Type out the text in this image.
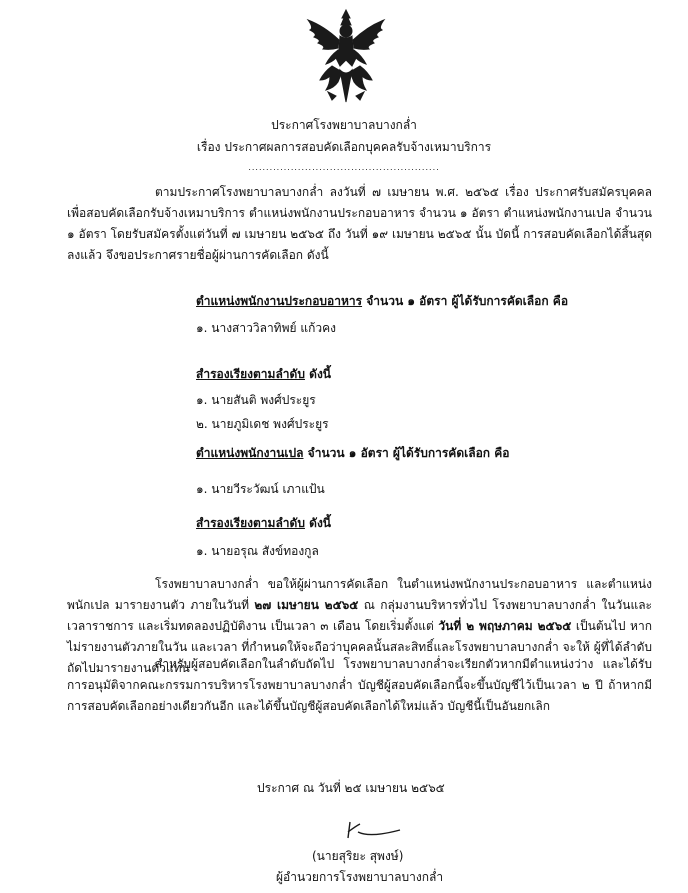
ประกาศโรงพยาบาลบางกล่ำ
เรื่อง ประกาศผลการสอบคัดเลือกบุคคลรับจ้างเหมาบริการ
......................................................
ตามประกาศโรงพยาบาลบางกล่ำ ลงวันที่ ๗ เมษายน พ.ศ. ๒๕๖๕ เรื่อง ประกาศรับสมัครบุคคลเพื่อสอบคัดเลือกรับจ้างเหมาบริการ ตำแหน่งพนักงานประกอบอาหาร จำนวน ๑ อัตรา ตำแหน่งพนักงานเปล จำนวน ๑ อัตรา โดยรับสมัครตั้งแต่วันที่ ๗ เมษายน ๒๕๖๕ ถึง วันที่ ๑๙ เมษายน ๒๕๖๕ นั้น บัดนี้ การสอบคัดเลือกได้สิ้นสุดลงแล้ว จึงขอประกาศรายชื่อผู้ผ่านการคัดเลือก ดังนี้
ตำแหน่งพนักงานประกอบอาหาร จำนวน ๑ อัตรา ผู้ได้รับการคัดเลือก คือ
๑. นางสาววิลาทิพย์ แก้วคง
สำรองเรียงตามลำดับ ดังนี้
๑. นายสันติ พงศ์ประยูร
๒. นายภูมิเดช พงศ์ประยูร
ตำแหน่งพนักงานเปล จำนวน ๑ อัตรา ผู้ได้รับการคัดเลือก คือ
๑. นายวีระวัฒน์ เภาแป้น
สำรองเรียงตามลำดับ ดังนี้
๑. นายอรุณ สังข์ทองกูล
โรงพยาบาลบางกล่ำ ขอให้ผู้ผ่านการคัดเลือก ในตำแหน่งพนักงานประกอบอาหาร และตำแหน่งพนักเปล มารายงานตัว ภายในวันที่ ๒๗ เมษายน ๒๕๖๕ ณ กลุ่มงานบริหารทั่วไป โรงพยาบาลบางกล่ำ ในวันและเวลาราชการ และเริ่มทดลองปฏิบัติงาน เป็นเวลา ๓ เดือน โดยเริ่มตั้งแต่ วันที่ ๒ พฤษภาคม ๒๕๖๕ เป็นต้นไป หากไม่รายงานตัวภายในวัน และเวลา ที่กำหนดให้จะถือว่าบุคคลนั้นสละสิทธิ์และโรงพยาบาลบางกล่ำ จะให้ ผู้ที่ได้ลำดับถัดไปมารายงานตัวแทน
สำหรับผู้สอบคัดเลือกในลำดับถัดไป โรงพยาบาลบางกล่ำจะเรียกตัวหากมีตำแหน่งว่าง และได้รับการอนุมัติจากคณะกรรมการบริหารโรงพยาบาลบางกล่ำ บัญชีผู้สอบคัดเลือกนี้จะขึ้นบัญชีไว้เป็นเวลา ๒ ปี ถ้าหากมีการสอบคัดเลือกอย่างเดียวกันอีก และได้ขึ้นบัญชีผู้สอบคัดเลือกได้ใหม่แล้ว บัญชีนี้เป็นอันยกเลิก
ประกาศ ณ วันที่ ๒๕ เมษายน ๒๕๖๕
(นายสุริยะ สุพงษ์)
ผู้อำนวยการโรงพยาบาลบางกล่ำ
